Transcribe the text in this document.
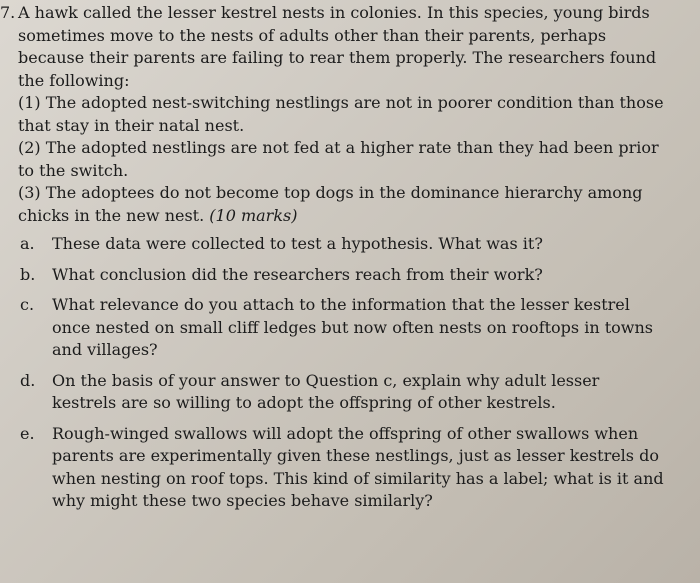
7. A hawk called the lesser kestrel nests in colonies. In this species, young birds sometimes move to the nests of adults other than their parents, perhaps because their parents are failing to rear them properly. The researchers found the following:

(1) The adopted nest-switching nestlings are not in poorer condition than those that stay in their natal nest.

(2) The adopted nestlings are not fed at a higher rate than they had been prior to the switch.

(3) The adoptees do not become top dogs in the dominance hierarchy among chicks in the new nest. (10 marks)

a.	These data were collected to test a hypothesis. What was it?
b.	What conclusion did the researchers reach from their work?
c.	What relevance do you attach to the information that the lesser kestrel once nested on small cliff ledges but now often nests on rooftops in towns and villages?
d.	On the basis of your answer to Question c, explain why adult lesser kestrels are so willing to adopt the offspring of other kestrels.
e.	Rough-winged swallows will adopt the offspring of other swallows when parents are experimentally given these nestlings, just as lesser kestrels do when nesting on roof tops. This kind of similarity has a label; what is it and why might these two species behave similarly?
